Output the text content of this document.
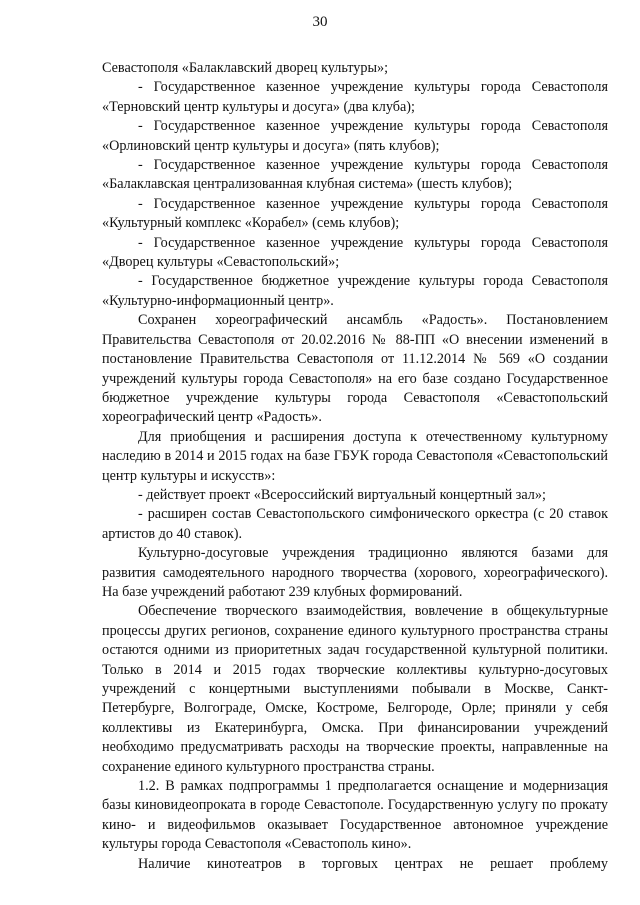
30

Севастополя «Балаклавский дворец культуры»;

- Государственное казенное учреждение культуры города Севастополя «Терновский центр культуры и досуга» (два клуба);

- Государственное казенное учреждение культуры города Севастополя «Орлиновский центр культуры и досуга» (пять клубов);

- Государственное казенное учреждение культуры города Севастополя «Балаклавская централизованная клубная система» (шесть клубов);

- Государственное казенное учреждение культуры города Севастополя «Культурный комплекс «Корабел» (семь клубов);

- Государственное казенное учреждение культуры города Севастополя «Дворец культуры «Севастопольский»;

- Государственное бюджетное учреждение культуры города Севастополя «Культурно-информационный центр».

Сохранен хореографический ансамбль «Радость». Постановлением Правительства Севастополя от 20.02.2016 № 88-ПП «О внесении изменений в постановление Правительства Севастополя от 11.12.2014 № 569 «О создании учреждений культуры города Севастополя» на его базе создано Государственное бюджетное учреждение культуры города Севастополя «Севастопольский хореографический центр «Радость».

Для приобщения и расширения доступа к отечественному культурному наследию в 2014 и 2015 годах на базе ГБУК города Севастополя «Севастопольский центр культуры и искусств»:

- действует проект «Всероссийский виртуальный концертный зал»;

- расширен состав Севастопольского симфонического оркестра (с 20 ставок артистов до 40 ставок).

Культурно-досуговые учреждения традиционно являются базами для развития самодеятельного народного творчества (хорового, хореографического). На базе учреждений работают 239 клубных формирований.

Обеспечение творческого взаимодействия, вовлечение в общекультурные процессы других регионов, сохранение единого культурного пространства страны остаются одними из приоритетных задач государственной культурной политики. Только в 2014 и 2015 годах творческие коллективы культурно-досуговых учреждений с концертными выступлениями побывали в Москве, Санкт-Петербурге, Волгограде, Омске, Костроме, Белгороде, Орле; приняли у себя коллективы из Екатеринбурга, Омска. При финансировании учреждений необходимо предусматривать расходы на творческие проекты, направленные на сохранение единого культурного пространства страны.

1.2. В рамках подпрограммы 1 предполагается оснащение и модернизация базы киновидеопроката в городе Севастополе. Государственную услугу по прокату кино- и видеофильмов оказывает Государственное автономное учреждение культуры города Севастополя «Севастополь кино».

Наличие кинотеатров в торговых центрах не решает проблему
